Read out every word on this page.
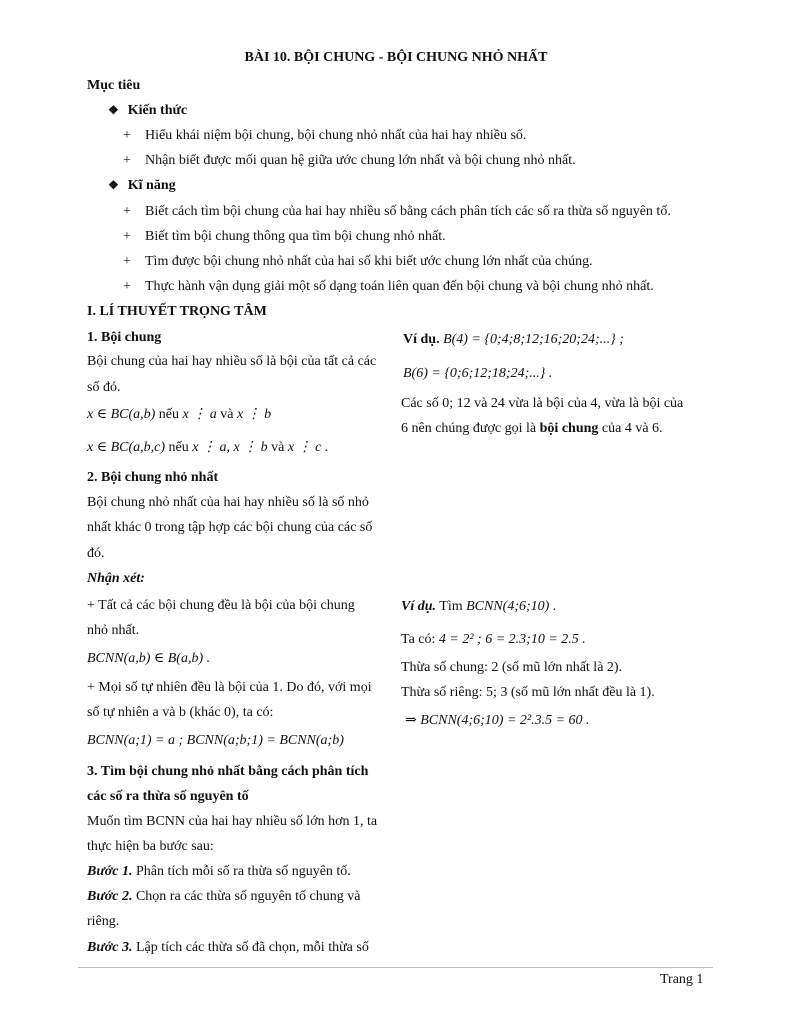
BÀI 10. BỘI CHUNG - BỘI CHUNG NHỎ NHẤT
Mục tiêu
❖ Kiến thức
+ Hiểu khái niệm bội chung, bội chung nhỏ nhất của hai hay nhiều số.
+ Nhận biết được mối quan hệ giữa ước chung lớn nhất và bội chung nhỏ nhất.
❖ Kĩ năng
+ Biết cách tìm bội chung của hai hay nhiều số bằng cách phân tích các số ra thừa số nguyên tố.
+ Biết tìm bội chung thông qua tìm bội chung nhỏ nhất.
+ Tìm được bội chung nhỏ nhất của hai số khi biết ước chung lớn nhất của chúng.
+ Thực hành vận dụng giải một số dạng toán liên quan đến bội chung và bội chung nhỏ nhất.
I. LÍ THUYẾT TRỌNG TÂM
1. Bội chung
Bội chung của hai hay nhiều số là bội của tất cả các
số đó.
x ∈ BC(a,b) nếu x ⋮ a và x ⋮ b
x ∈ BC(a,b,c) nếu x ⋮ a, x ⋮ b và x ⋮ c .
2. Bội chung nhỏ nhất
Bội chung nhỏ nhất của hai hay nhiều số là số nhỏ
nhất khác 0 trong tập hợp các bội chung của các số
đó.
Nhận xét:
+ Tất cả các bội chung đều là bội của bội chung
nhỏ nhất.
BCNN(a,b) ∈ B(a,b) .
+ Mọi số tự nhiên đều là bội của 1. Do đó, với mọi
số tự nhiên a và b (khác 0), ta có:
BCNN(a;1) = a ; BCNN(a;b;1) = BCNN(a;b)
3. Tìm bội chung nhỏ nhất bằng cách phân tích
các số ra thừa số nguyên tố
Muốn tìm BCNN của hai hay nhiều số lớn hơn 1, ta
thực hiện ba bước sau:
Bước 1. Phân tích mỗi số ra thừa số nguyên tố.
Bước 2. Chọn ra các thừa số nguyên tố chung và
riêng.
Bước 3. Lập tích các thừa số đã chọn, mỗi thừa số
Ví dụ. B(4) = {0;4;8;12;16;20;24;...} ;
B(6) = {0;6;12;18;24;...} .
Các số 0; 12 và 24 vừa là bội của 4, vừa là bội của
6 nên chúng được gọi là bội chung của 4 và 6.
Ví dụ. Tìm BCNN(4;6;10) .
Ta có: 4 = 2² ; 6 = 2.3;10 = 2.5 .
Thừa số chung: 2 (số mũ lớn nhất là 2).
Thừa số riêng: 5; 3 (số mũ lớn nhất đều là 1).
⇒ BCNN(4;6;10) = 2².3.5 = 60 .
Trang 1
